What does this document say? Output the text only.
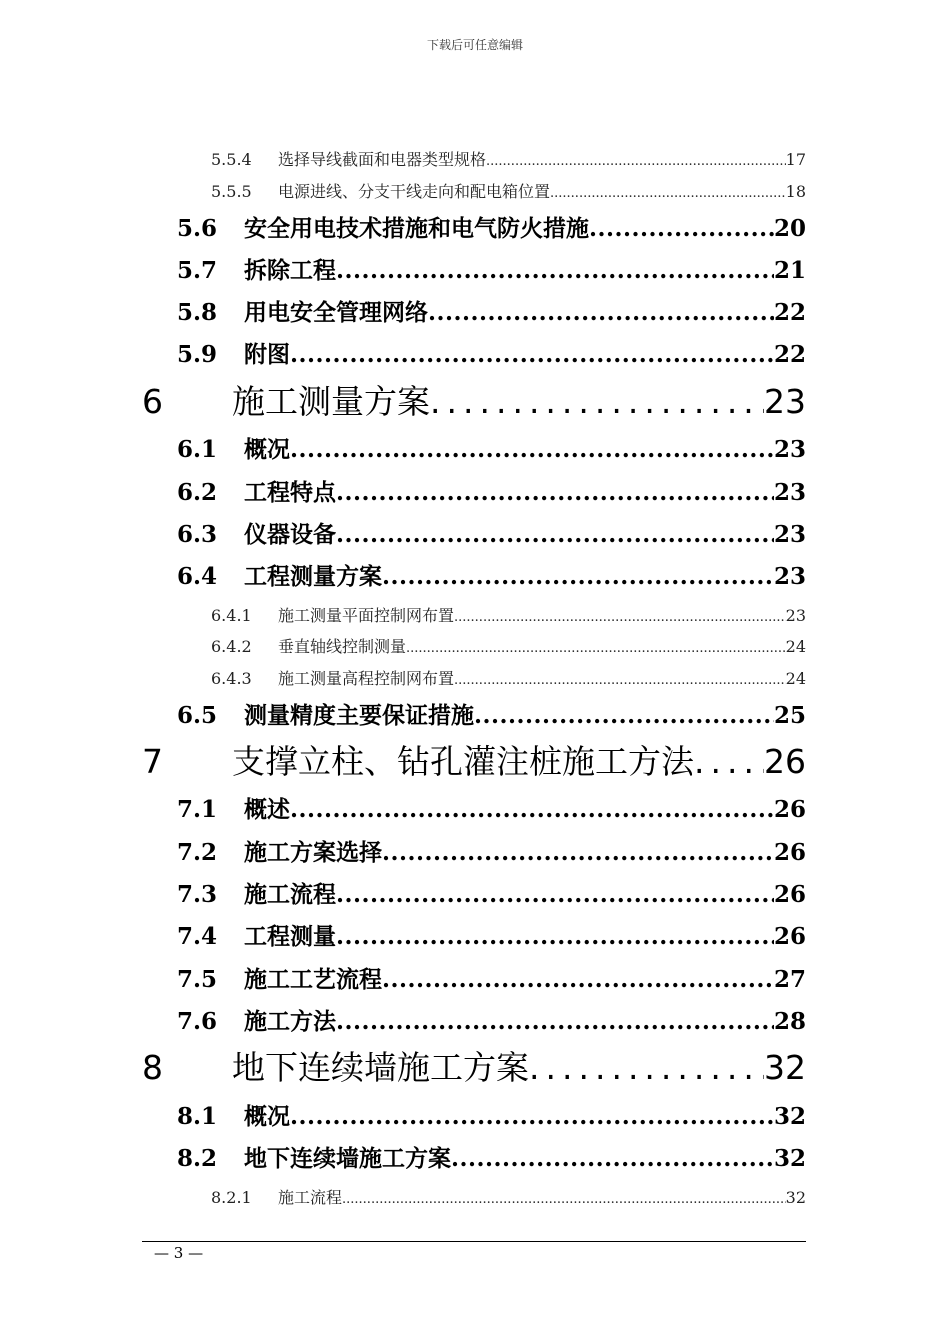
下载后可任意编辑
5.5.4	选择导线截面和电器类型规格 .....	17
5.5.5	电源进线、分支干线走向和配电箱位置 .....	18
5.6	安全用电技术措施和电气防火措施 .....	20
5.7	拆除工程 .....	21
5.8	用电安全管理网络 .....	22
5.9	附图 .....	22
6	施工测量方案 .....	23
6.1	概况 .....	23
6.2	工程特点 .....	23
6.3	仪器设备 .....	23
6.4	工程测量方案 .....	23
6.4.1	施工测量平面控制网布置 .....	23
6.4.2	垂直轴线控制测量 .....	24
6.4.3	施工测量高程控制网布置 .....	24
6.5	测量精度主要保证措施 .....	25
7	支撑立柱、钻孔灌注桩施工方法 ..... 26
7.1	概述 .....	26
7.2	施工方案选择 .....	26
7.3	施工流程 .....	26
7.4	工程测量 .....	26
7.5	施工工艺流程 .....	27
7.6	施工方法 .....	28
8	地下连续墙施工方案 .....	32
8.1	概况 .....	32
8.2	地下连续墙施工方案 .....	32
8.2.1	施工流程 .....	32
— 3 —
